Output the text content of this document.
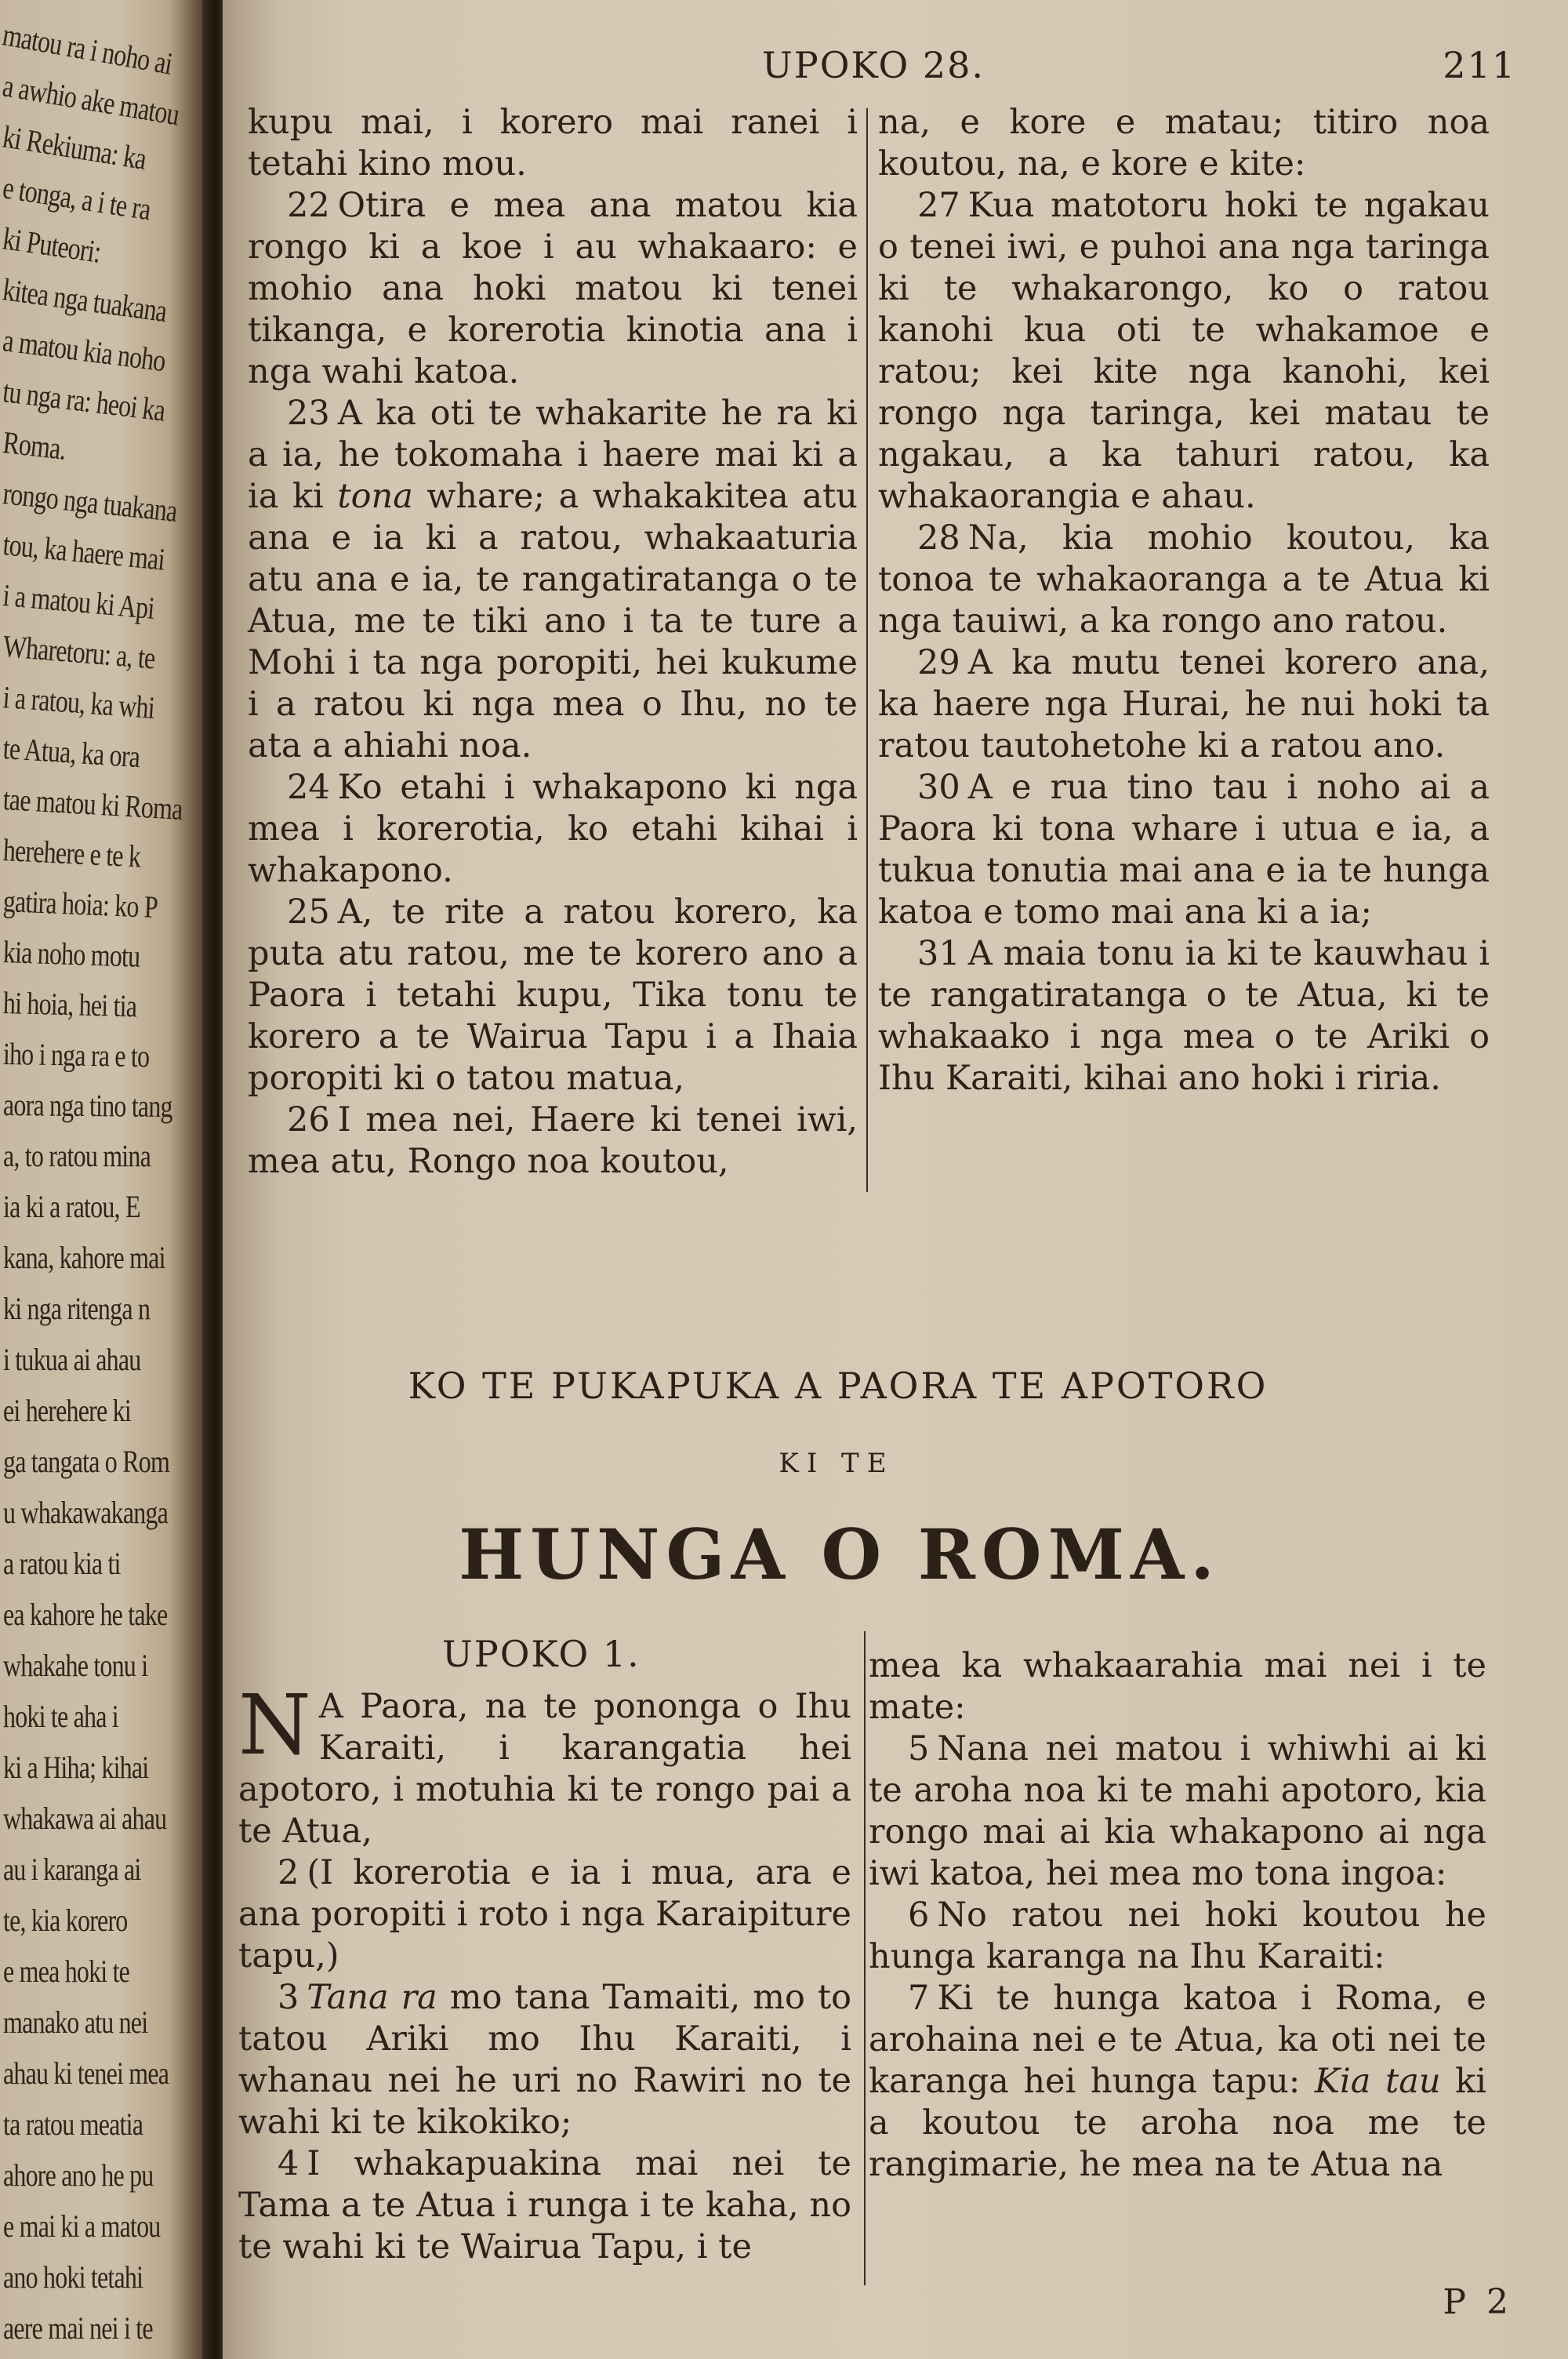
matou ra i noho ai
a awhio ake matou
ki Rekiuma: ka
e tonga, a i te ra
ki Puteori:
kitea nga tuakana
a matou kia noho
tu nga ra: heoi ka
Roma.
rongo nga tuakana
tou, ka haere mai
i a matou ki Api
Wharetoru: a, te
i a ratou, ka whi
te Atua, ka ora
tae matou ki Roma
herehere e te k
gatira hoia: ko P
kia noho motu
hi hoia, hei tia
iho i nga ra e to
aora nga tino tang
a, to ratou mina
ia ki a ratou, E
kana, kahore mai
ki nga ritenga n
i tukua ai ahau
ei herehere ki
ga tangata o Rom
u whakawakanga
a ratou kia ti
ea kahore he take
whakahe tonu i
hoki te aha i
ki a Hiha; kihai
whakawa ai ahau
au i karanga ai
te, kia korero
e mea hoki te
manako atu nei
ahau ki tenei mea
ta ratou meatia
ahore ano he pu
e mai ki a matou
ano hoki tetahi
aere mai nei i te
UPOKO 28.	211

kupu mai, i korero mai ranei i tetahi kino mou.

22 Otira e mea ana matou kia rongo ki a koe i au whakaaro: e mohio ana hoki matou ki tenei tikanga, e korerotia kinotia ana i nga wahi katoa.

23 A ka oti te whakarite he ra ki a ia, he tokomaha i haere mai ki a ia ki tona whare; a whakakitea atu ana e ia ki a ratou, whakaaturia atu ana e ia, te rangatiratanga o te Atua, me te tiki ano i ta te ture a Mohi i ta nga poropiti, hei kukume i a ratou ki nga mea o Ihu, no te ata a ahiahi noa.

24 Ko etahi i whakapono ki nga mea i korerotia, ko etahi kihai i whakapono.

25 A, te rite a ratou korero, ka puta atu ratou, me te korero ano a Paora i tetahi kupu, Tika tonu te korero a te Wairua Tapu i a Ihaia poropiti ki o tatou matua,

26 I mea nei, Haere ki tenei iwi, mea atu, Rongo noa koutou,

na, e kore e matau; titiro noa koutou, na, e kore e kite:

27 Kua matotoru hoki te ngakau o tenei iwi, e puhoi ana nga taringa ki te whakarongo, ko o ratou kanohi kua oti te whakamoe e ratou; kei kite nga kanohi, kei rongo nga taringa, kei matau te ngakau, a ka tahuri ratou, ka whakaorangia e ahau.

28 Na, kia mohio koutou, ka tonoa te whakaoranga a te Atua ki nga tauiwi, a ka rongo ano ratou.

29 A ka mutu tenei korero ana, ka haere nga Hurai, he nui hoki ta ratou tautohetohe ki a ratou ano.

30 A e rua tino tau i noho ai a Paora ki tona whare i utua e ia, a tukua tonutia mai ana e ia te hunga katoa e tomo mai ana ki a ia;

31 A maia tonu ia ki te kauwhau i te rangatiratanga o te Atua, ki te whakaako i nga mea o te Ariki o Ihu Karaiti, kihai ano hoki i riria.

KO TE PUKAPUKA A PAORA TE APOTORO
KI TE
HUNGA O ROMA.
UPOKO 1.

N A Paora, na te pononga o Ihu Karaiti, i karangatia hei apotoro, i motuhia ki te rongo pai a te Atua,

2 (I korerotia e ia i mua, ara e ana poropiti i roto i nga Karaipiture tapu,)

3 Tana ra mo tana Tamaiti, mo to tatou Ariki mo Ihu Karaiti, i whanau nei he uri no Rawiri no te wahi ki te kikokiko;

4 I whakapuakina mai nei te Tama a te Atua i runga i te kaha, no te wahi ki te Wairua Tapu, i te

mea ka whakaarahia mai nei i te mate:

5 Nana nei matou i whiwhi ai ki te aroha noa ki te mahi apotoro, kia rongo mai ai kia whakapono ai nga iwi katoa, hei mea mo tona ingoa:

6 No ratou nei hoki koutou he hunga karanga na Ihu Karaiti:

7 Ki te hunga katoa i Roma, e arohaina nei e te Atua, ka oti nei te karanga hei hunga tapu: Kia tau ki a koutou te aroha noa me te rangimarie, he mea na te Atua na

P 2
